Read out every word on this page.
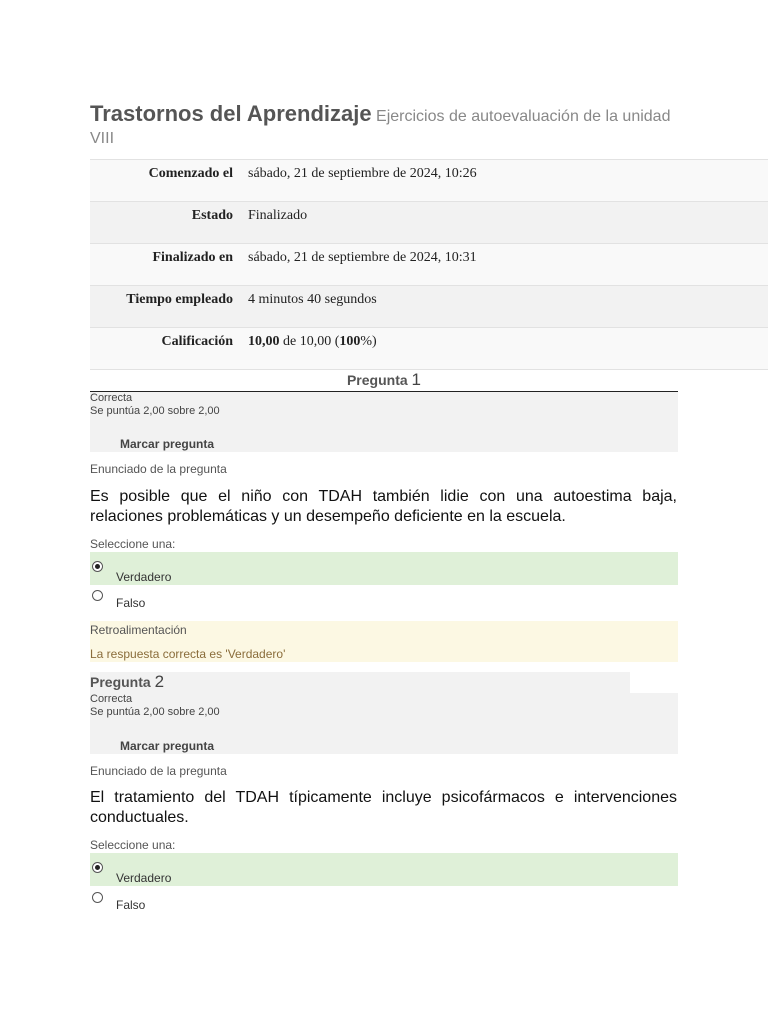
Trastornos del Aprendizaje Ejercicios de autoevaluación de la unidad VIII
Comenzado el	sábado, 21 de septiembre de 2024, 10:26
Estado	Finalizado
Finalizado en	sábado, 21 de septiembre de 2024, 10:31
Tiempo empleado	4 minutos 40 segundos
Calificación	10,00 de 10,00 (100%)
Pregunta 1
Correcta
Se puntúa 2,00 sobre 2,00
Marcar pregunta
Enunciado de la pregunta
Es posible que el niño con TDAH también lidie con una autoestima baja, relaciones problemáticas y un desempeño deficiente en la escuela.
Seleccione una:
Verdadero
Falso
Retroalimentación
La respuesta correcta es 'Verdadero'
Pregunta 2
Correcta
Se puntúa 2,00 sobre 2,00
Marcar pregunta
Enunciado de la pregunta
El tratamiento del TDAH típicamente incluye psicofármacos e intervenciones conductuales.
Seleccione una:
Verdadero
Falso
